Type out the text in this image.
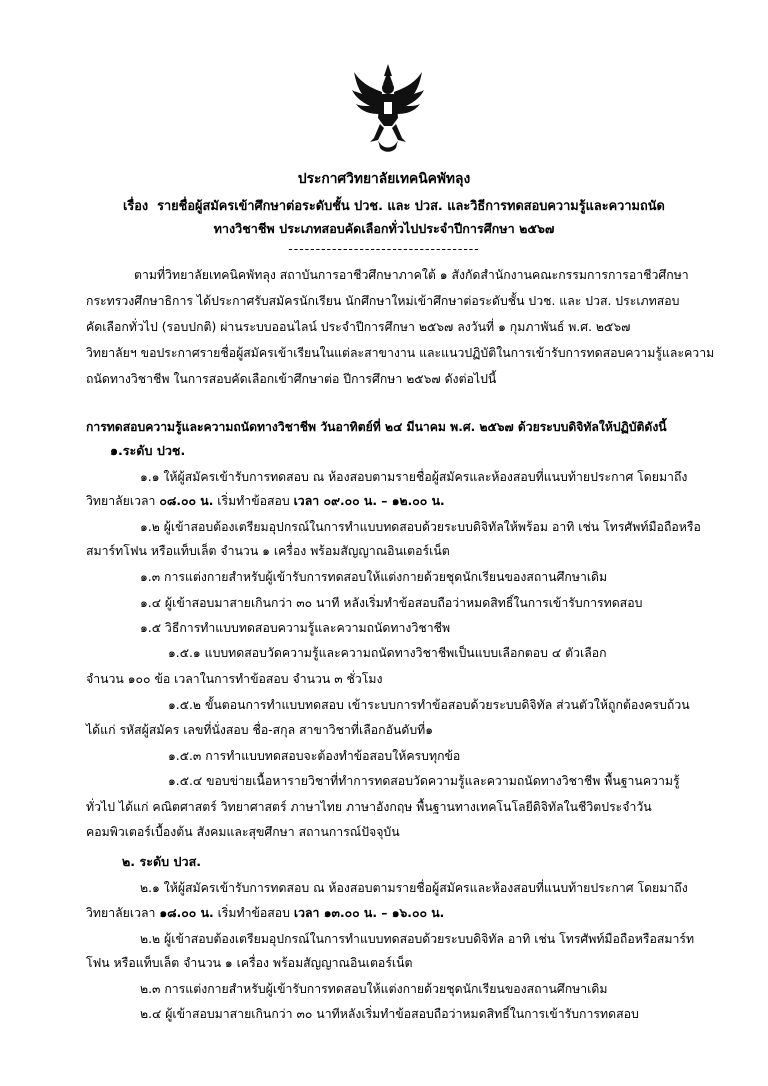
ประกาศวิทยาลัยเทคนิคพัทลุง
เรื่อง รายชื่อผู้สมัครเข้าศึกษาต่อระดับชั้น ปวช. และ ปวส. และวิธีการทดสอบความรู้และความถนัด
ทางวิชาชีพ ประเภทสอบคัดเลือกทั่วไปประจำปีการศึกษา ๒๕๖๗
-----------------------------------
ตามที่วิทยาลัยเทคนิคพัทลุง สถาบันการอาชีวศึกษาภาคใต้ ๑ สังกัดสำนักงานคณะกรรมการการอาชีวศึกษา
กระทรวงศึกษาธิการ ได้ประกาศรับสมัครนักเรียน นักศึกษาใหม่เข้าศึกษาต่อระดับชั้น ปวช. และ ปวส. ประเภทสอบ
คัดเลือกทั่วไป (รอบปกติ) ผ่านระบบออนไลน์ ประจำปีการศึกษา ๒๕๖๗ ลงวันที่ ๑ กุมภาพันธ์ พ.ศ. ๒๕๖๗
วิทยาลัยฯ ขอประกาศรายชื่อผู้สมัครเข้าเรียนในแต่ละสาขางาน และแนวปฏิบัติในการเข้ารับการทดสอบความรู้และความ
ถนัดทางวิชาชีพ ในการสอบคัดเลือกเข้าศึกษาต่อ ปีการศึกษา ๒๕๖๗ ดังต่อไปนี้
การทดสอบความรู้และความถนัดทางวิชาชีพ วันอาทิตย์ที่ ๒๔ มีนาคม พ.ศ. ๒๕๖๗ ด้วยระบบดิจิทัลให้ปฏิบัติดังนี้
๑.ระดับ ปวช.
๑.๑ ให้ผู้สมัครเข้ารับการทดสอบ ณ ห้องสอบตามรายชื่อผู้สมัครและห้องสอบที่แนบท้ายประกาศ โดยมาถึง
วิทยาลัยเวลา ๐๘.๐๐ น. เริ่มทำข้อสอบ เวลา ๐๙.๐๐ น. – ๑๒.๐๐ น.
๑.๒ ผู้เข้าสอบต้องเตรียมอุปกรณ์ในการทำแบบทดสอบด้วยระบบดิจิทัลให้พร้อม อาทิ เช่น โทรศัพท์มือถือหรือ
สมาร์ทโฟน หรือแท็บเล็ต จำนวน ๑ เครื่อง พร้อมสัญญาณอินเตอร์เน็ต
๑.๓ การแต่งกายสำหรับผู้เข้ารับการทดสอบให้แต่งกายด้วยชุดนักเรียนของสถานศึกษาเดิม
๑.๔ ผู้เข้าสอบมาสายเกินกว่า ๓๐ นาที หลังเริ่มทำข้อสอบถือว่าหมดสิทธิ์ในการเข้ารับการทดสอบ
๑.๕ วิธีการทำแบบทดสอบความรู้และความถนัดทางวิชาชีพ
๑.๕.๑ แบบทดสอบวัดความรู้และความถนัดทางวิชาชีพเป็นแบบเลือกตอบ ๔ ตัวเลือก
จำนวน ๑๐๐ ข้อ เวลาในการทำข้อสอบ จำนวน ๓ ชั่วโมง
๑.๕.๒ ขั้นตอนการทำแบบทดสอบ เข้าระบบการทำข้อสอบด้วยระบบดิจิทัล ส่วนตัวให้ถูกต้องครบถ้วน
ได้แก่ รหัสผู้สมัคร เลขที่นั่งสอบ ชื่อ-สกุล สาขาวิชาที่เลือกอันดับที่๑
๑.๕.๓ การทำแบบทดสอบจะต้องทำข้อสอบให้ครบทุกข้อ
๑.๕.๔ ขอบข่ายเนื้อหารายวิชาที่ทำการทดสอบวัดความรู้และความถนัดทางวิชาชีพ พื้นฐานความรู้
ทั่วไป ได้แก่ คณิตศาสตร์ วิทยาศาสตร์ ภาษาไทย ภาษาอังกฤษ พื้นฐานทางเทคโนโลยีดิจิทัลในชีวิตประจำวัน
คอมพิวเตอร์เบื้องต้น สังคมและสุขศึกษา สถานการณ์ปัจจุบัน
๒. ระดับ ปวส.
๒.๑ ให้ผู้สมัครเข้ารับการทดสอบ ณ ห้องสอบตามรายชื่อผู้สมัครและห้องสอบที่แนบท้ายประกาศ โดยมาถึง
วิทยาลัยเวลา ๑๘.๐๐ น. เริ่มทำข้อสอบ เวลา ๑๓.๐๐ น. – ๑๖.๐๐ น.
๒.๒ ผู้เข้าสอบต้องเตรียมอุปกรณ์ในการทำแบบทดสอบด้วยระบบดิจิทัล อาทิ เช่น โทรศัพท์มือถือหรือสมาร์ท
โฟน หรือแท็บเล็ต จำนวน ๑ เครื่อง พร้อมสัญญาณอินเตอร์เน็ต
๒.๓ การแต่งกายสำหรับผู้เข้ารับการทดสอบให้แต่งกายด้วยชุดนักเรียนของสถานศึกษาเดิม
๒.๔ ผู้เข้าสอบมาสายเกินกว่า ๓๐ นาทีหลังเริ่มทำข้อสอบถือว่าหมดสิทธิ์ในการเข้ารับการทดสอบ
